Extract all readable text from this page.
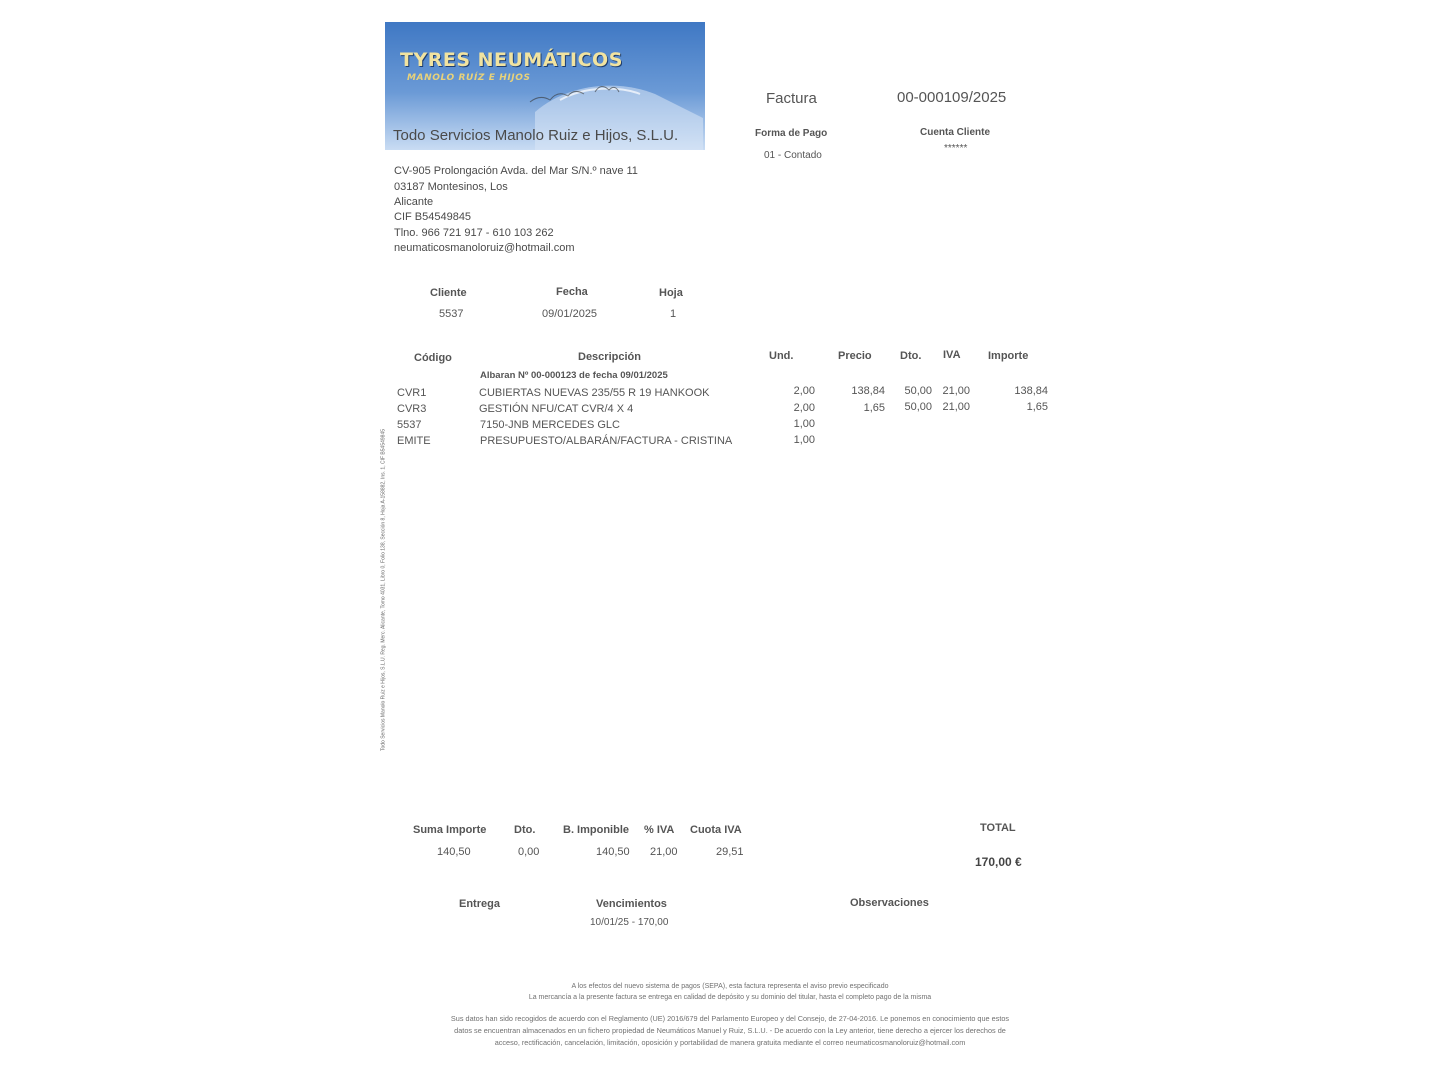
TYRES NEUMÁTICOS
MANOLO RUÍZ E HIJOS
Todo Servicios Manolo Ruiz e Hijos, S.L.U.
CV-905 Prolongación Avda. del Mar S/N.º nave 11
03187 Montesinos, Los
Alicante
CIF B54549845
Tlno. 966 721 917 - 610 103 262
neumaticosmanoloruiz@hotmail.com
Factura	00-000109/2025
Forma de Pago
01 - Contado
Cuenta Cliente
******
Cliente	Fecha	Hoja
5537	09/01/2025	1
Código	Descripción	Und.	Precio	Dto. IVA Importe
Albaran Nº 00-000123 de fecha 09/01/2025
CVR1	CUBIERTAS NUEVAS 235/55 R 19 HANKOOK	2,00	138,84	50,00 21,00	138,84
CVR3	GESTIÓN NFU/CAT CVR/4 X 4	2,00	1,65	50,00 21,00	1,65
5537	7150-JNB MERCEDES GLC	1,00
EMITE	PRESUPUESTO/ALBARÁN/FACTURA - CRISTINA	1,00
Todo Servicios Manolo Ruiz e Hijos, S.L.U. Reg. Merc. Alicante, Tomo 4031, Libro 0, Folio 138, Sección 8, Hoja A-158882, Ins. 1, CIF B54549845
Suma Importe	Dto.	B. Imponible % IVA Cuota IVA
140,50	0,00	140,50 21,00	29,51
TOTAL
170,00 €
Entrega	Vencimientos
10/01/25 - 170,00
Observaciones
A los efectos del nuevo sistema de pagos (SEPA), esta factura representa el aviso previo especificado
La mercancía a la presente factura se entrega en calidad de depósito y su dominio del titular, hasta el completo pago de la misma
Sus datos han sido recogidos de acuerdo con el Reglamento (UE) 2016/679 del Parlamento Europeo y del Consejo, de 27-04-2016. Le ponemos en conocimiento que estos
datos se encuentran almacenados en un fichero propiedad de Neumáticos Manuel y Ruiz, S.L.U. - De acuerdo con la Ley anterior, tiene derecho a ejercer los derechos de
acceso, rectificación, cancelación, limitación, oposición y portabilidad de manera gratuita mediante el correo neumaticosmanoloruiz@hotmail.com
